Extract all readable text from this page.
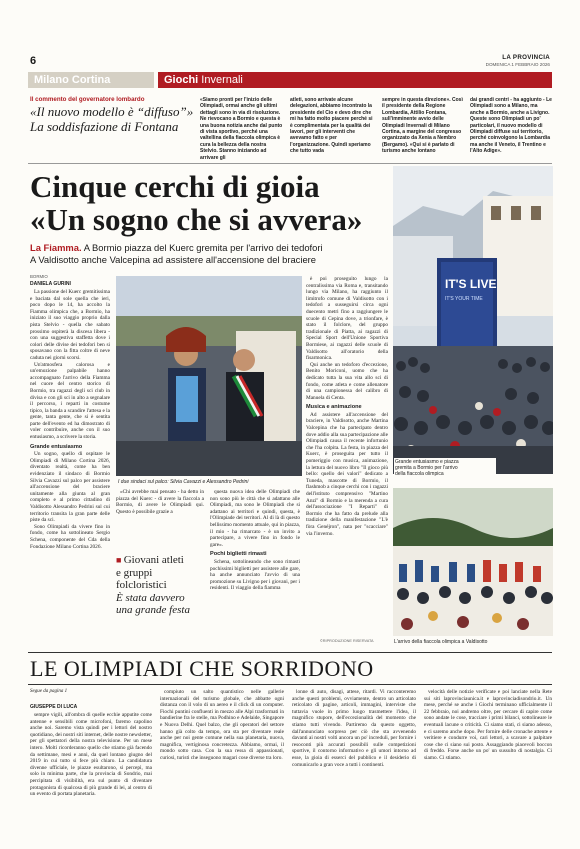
6	LA PROVINCIA
DOMENICA 1 FEBBRAIO 2026
Milano Cortina	Giochi Invernali
Il commento del governatore lombardo
«Il nuovo modello è “diffuso”»
La soddisfazione di Fontana
«Siamo pronti per l'inizio delle Olimpiadi, ormai anche gli ultimi dettagli sono in via di risoluzione. Ne rievocano a Bormio e questa è una buona notizia anche dal punto di vista sportivo, perché una valtellina della fiaccola olimpica è cura la bellezza della nostra Stelvio. Stanno iniziando ad arrivare gli
atleti, sono arrivate alcune delegazioni, abbiamo incontrato la presidente del Cio e devo dire che mi ha fatto molto piacere perché si è complimentata per la qualità dei lavori, per gli interventi che avevamo fatto e per l'organizzazione. Quindi speriamo che tutto vada
sempre in questa direzione». Così il presidente della Regione Lombardia, Attilio Fontana, sull'imminente avvio delle Olimpiadi Invernali di Milano Cortina, a margine del congresso organizzato da Xenia a Nembro (Bergamo). «Qui si è parlato di turismo anche lontano
dai grandi centri - ha aggiunto - Le Olimpiadi sono a Milano, ma anche a Bormio, anche a Livigno. Queste sono Olimpiadi un po' particolari, il nuovo modello di Olimpiadi diffuse sul territorio, perché coinvolgono la Lombardia ma anche il Veneto, il Trentino e l'Alto Adige».
Cinque cerchi di gioia
«Un sogno che si avvera»
La Fiamma. A Bormio piazza del Kuerc gremita per l'arrivo dei tedofori
A Valdisotto anche Valcepina ad assistere all'accensione del braciere
BORMIO
DANIELA GURINI

La passione del Kuerc gremitissima e baciata dal sole quella che ieri, poco dopo le 14, ha accolto la Fiamma olimpica che, a Bormio, ha iniziato il suo viaggio proprio dalla pista Stelvio - quella che sabato prossimo ospiterà la discesa libera - con una suggestiva staffetta dove i colori delle divise dei tedofori ben si sposavano con la fitta coltre di neve caduta nei giorni scorsi.

Un'atmosfera calorosa e un'emozione palpabile hanno accompagnato l'arrivo della Fiamma nel cuore del centro storico di Bormio, tra ragazzi degli sci club in divisa e con gli sci in alto a segnalare il percorso, i reparti in costume tipico, la banda a scandire l'attesa e la gente, tanta gente, che si è sentita parte dell'evento ed ha dimostrato di voler contribuire, anche con il suo entusiasmo, a scrivere la storia.

Grande entusiasmo

Un sogno, quello di ospitare le Olimpiadi di Milano Cortina 2026, diventato realtà, come ha ben evidenziato il sindaco di Bormio Silvia Cavazzi sul palco per assistere all'accensione del braciere unitamente alla giunta al gran completo e al primo cittadino di Valdisotto Alessandro Pedrini sul cui territorio transita la gran parte delle piste da sci.

Sono Olimpiadi da vivere fino in fondo, come ha sottolineato Sergio Schena, componente del Cda della Fondazione Milano Cortina 2026.

I due sindaci sul palco: Silvia Cavazzi e Alessandro Pedrini

«Chi avrebbe mai pensato - ha detto in piazza del Kuerc - di avere la fiaccola a Bormio, di avere le Olimpiadi qui. Questo è possibile grazie a

■ Giovani atleti
e gruppi
folcloristici
È stata davvero
una grande festa

questa nuova idea delle Olimpiadi che non sono più le città che si adattano alle Olimpiadi, ma sono le Olimpiadi che si adattano ai territori e quindi, questa, è l'Olimpiade dei territori. Al di là di questo bellissimo momento attuale, qui in piazza, il mio - ha rimarcato - è un invito a partecipare, a vivere fino in fondo le gare».

Pochi biglietti rimasti

Schena, sottolineando che sono rimasti pochissimi biglietti per assistere alle gare, ha anche annunciato l'avvio di una promozione su Livigno per i giovani, per i residenti. Il viaggio della fiamma

è poi proseguito lungo la centralissima via Roma e, transitando lungo via Milano, ha raggiunto il limitrofo comune di Valdisotto con i tedofori a susseguirsi circa ogni duecento metri fino a raggiungere le scuole di Cepina dove, a trionfare, è stato il folclore, del gruppo tradizionale di Piatta, ai ragazzi di Special Sport dell'Unione Sportiva Bormiese, ai ragazzi delle scuole di Valdisotto all'oratorio della fisarmonica.

Qui anche un tedoforo d'eccezione, Benito Moriconi, uomo che ha dedicato tutta la sua vita allo sci di fondo, come atleta e come allenatore di una campionessa del calibro di Manuela di Centa.

Musica e animazione

Ad assistere all'accensione del braciere, in Valdisotto, anche Martina Valcepina che ha partecipato dentro dove addio alla sua partecipazione alle Olimpiadi causa il recente infortunio che l'ha colpita. La festa, in piazza del Kuerc, è proseguita per tutto il pomeriggio con musica, animazione, la lettura del nuovo libro "Il gioco più bello: quello dei valori" dedicato a Tuneda, mascotte di Bormio, il flashmob a cinque cerchi con i ragazzi dell'istituto comprensivo "Martino Anzi" di Bormio e la merenda a cura dell'associazione "I Reparti" di Bormio che ha fatto da prelude alla tradizione della manifestazione "L'è fòra Genéjron", nata per "scacciare" via l'inverno.

©RIPRODUZIONE RISERVATA
IT'S LIVE
IT'S YOUR TIME
Grande entusiasmo e piazza
gremita a Bormio per l'arrivo
della fiaccola olimpica
L'arrivo della fiaccola olimpica a Valdisotto
LE OLIMPIADI CHE SORRIDONO
Segue da pagina 1
GIUSEPPE DI LUCA

sempre vigili, all'ombra di quelle ecchie apputite come antenne e sensibili come microfoni, faremo capolino anche noi. Saremo vista quindi per i lettori del nostro quotidiano, dei nostri siti internet, delle nostre newsletter, per gli spettatori della nostra televisione. Per un mese intero. Molti ricorderanno quello che stiamo già facendo da settimane, mesi e anni, da quel lontano giugno del 2019 in cui tutto si fece più chiaro. La candidatura divenne ufficiale, le piazze esultarono, si percepì, ma solo in minima parte, che la provincia di Sondrio, mai percipitata di visibilità, era sul punto di diventare protagonista di qualcosa di più grande di lei, al centro di un evento di portata planetaria.

compiuto un salto quantistico nelle gallerie internazionali del turismo globale, che abbatte ogni distanza con il volo di un aereo e il click di un computer. Fiochi puntini confluenti in mezzo alle Alpi trasformati in bandierine fra le stelle, ma Podhino e Adelaide, Singapore e Nuova Delhi. Quel balzo, che gli operatori del settore hanno già colto da tempo, ora sta per diventare reale anche per noi gente comune nella sua planetaria, nuova, magnifica, vertiginosa concretezza. Abbiamo, ormai, il mondo sotto casa. Con la sua ressa di appassionati, curiosi, turisti che inseguono magari cose diverse tra loro.

lonne di auto, disagi, attese, ritardi. Vi racconteremo anche questi problemi, ovviamente, dentro un articolato reticolato di pagine, articoli, immagini, interviste che tuttavia vuole in primo luogo trasmettere l'idea, il magnifico stupore, dell'eccezionalità del momento che stiamo tutti vivendo. Partiremo da questo oggetto, dall'annunciato sorpreso per ciò che sta avvenendo davanti ai nostri volti ancora un po' increduli, per fornire i resoconti più accurati possibili sulle competizioni sportive, il contorno informativo e gli umori intorno ad esse, la gioia di esserci del pubblico e il desiderio di comunicarlo a gran voce a tutti i continenti.

velocità delle notizie verificate e poi lanciate nella Rete sui siti laprovinciaunica.it e laprovinciadisondrio.it. Un mese, perché se anche i Giochi terminano ufficialmente il 22 febbraio, noi andremo oltre, per cercare di capire come sono andate le cose, tracciare i primi bilanci, sottolineare le eventuali lacune o criticità. Ci siamo stati, ci siamo adesso, e ci saremo anche dopo. Per fornire delle cronache attente e veritiere e condurre voi, cari lettori, a scavare a palpitare cose che ci siano sui posto. Assaggiando piacevoli boccon di freddo. Forse anche un po' un sussulto di nostalgia. Ci siamo. Ci stiamo.
